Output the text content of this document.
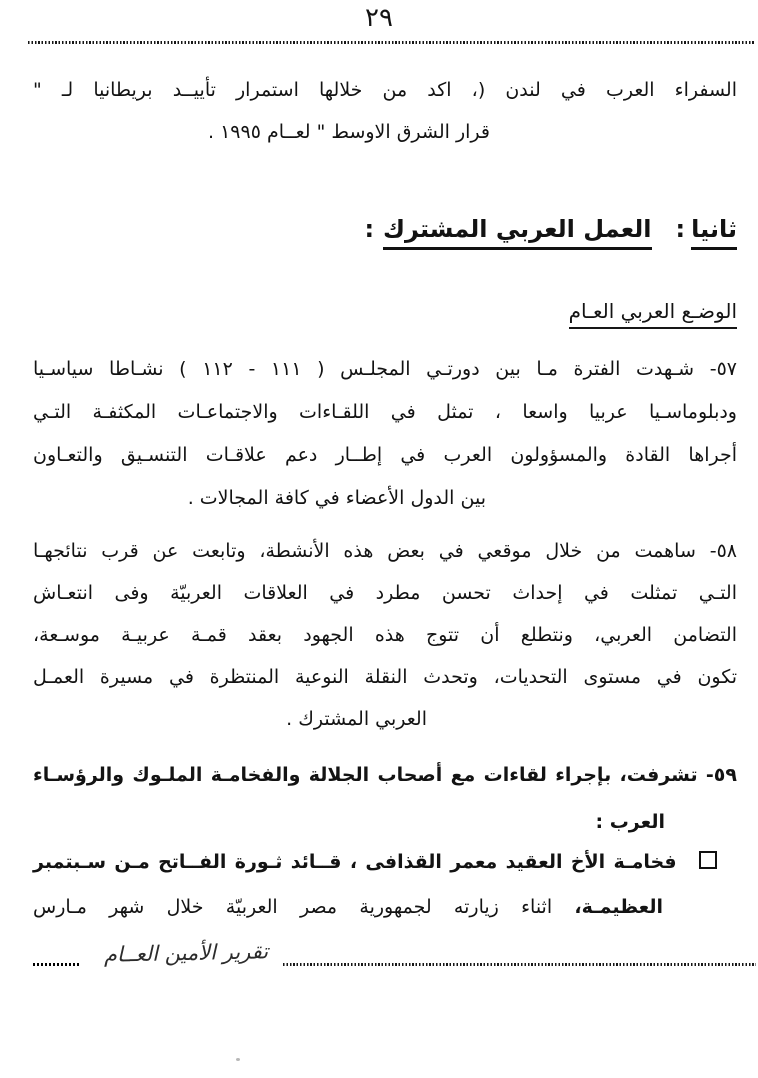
٢٩
السفراء العرب في لندن (، اكد من خلالها استمرار تأييــد بريطانيا لـ "
قرار الشرق الاوسط " لعــام ١٩٩٥ .
ثانيا:العمل العربي المشترك:
الوضـع العربي العـام
٥٧- شـهدت الفترة مـا بين دورتـي المجلـس ( ‪١١١ - ١١٢‬ ) نشـاطا سياسـيا
ودبلوماسـيا عربيا واسعا ، تمثل في اللقـاءات والاجتماعـات المكثفـة التـي
أجراها القادة والمسؤولون العرب في إطــار دعم علاقـات التنسـيق والتعـاون
بين الدول الأعضاء في كافة المجالات .
٥٨- ساهمت من خلال موقعي في بعض هذه الأنشطة، وتابعت عن قرب نتائجهـا
التـي تمثلت في إحداث تحسن مطرد في العلاقات العربيّة وفى انتعـاش
التضامن العربي، ونتطلع أن تتوج هذه الجهود بعقد قمـة عربيـة موسـعة،
تكون في مستوى التحديات، وتحدث النقلة النوعية المنتظرة في مسيرة العمـل
العربي المشترك .
٥٩- تشرفت، بإجراء لقاءات مع أصحاب الجلالة والفخامـة الملـوك والرؤسـاء
العرب :
فخامـة الأخ العقيد معمر القذافى ، قــائد ثـورة الفــاتح مـن سـبتمبر
العظيمـة، اثناء زيارته لجمهورية مصر العربيّة خلال شهر مـارس
تقرير الأمين العــام
